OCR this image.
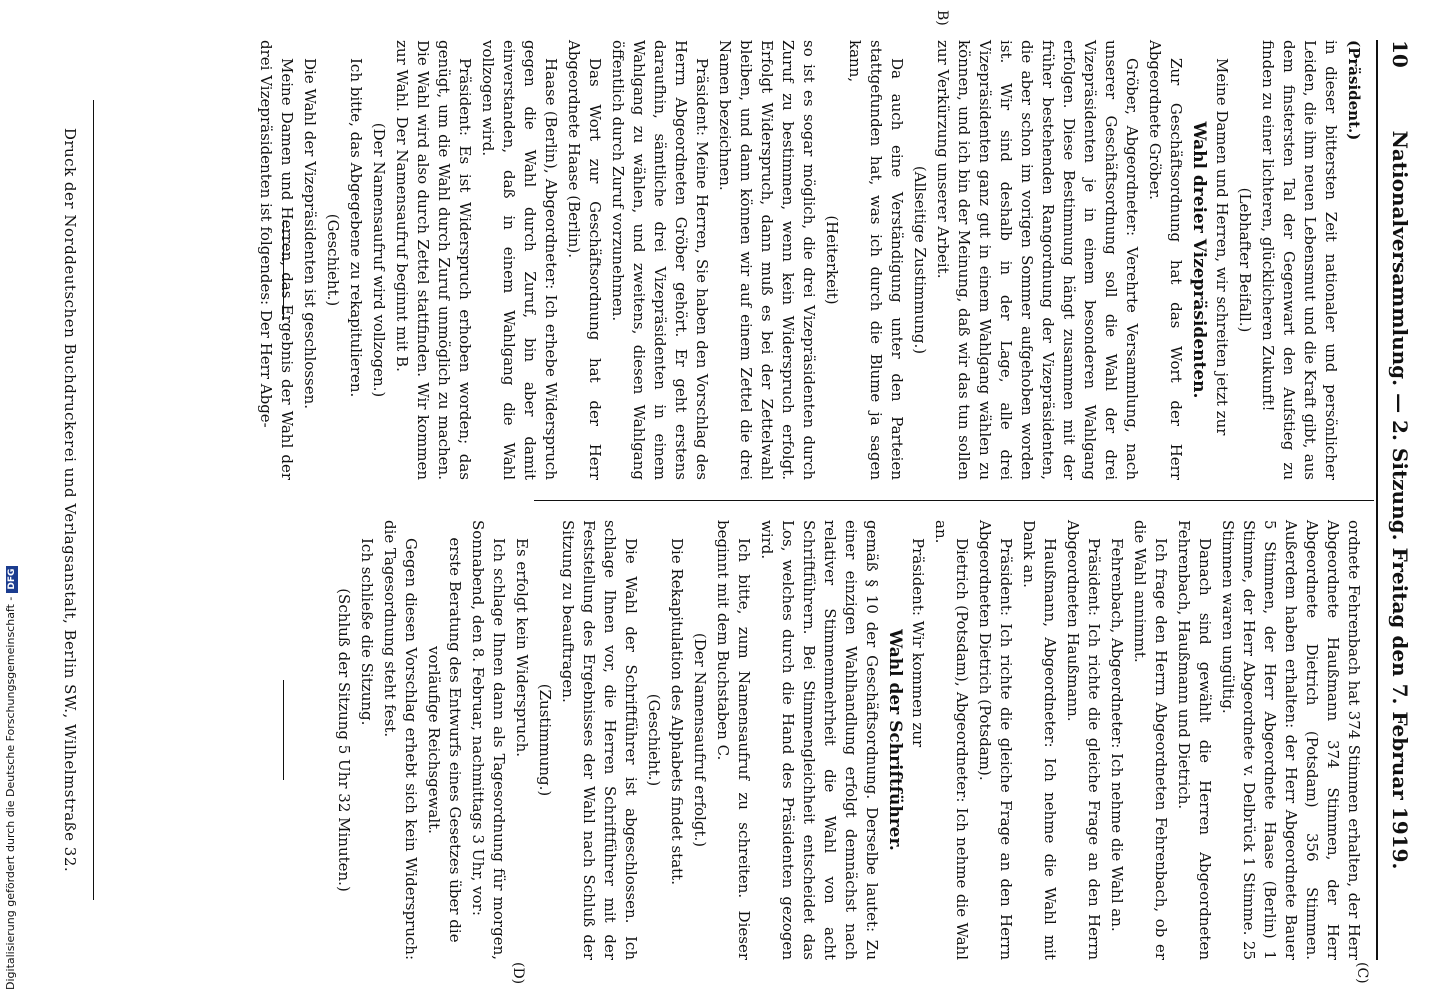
10
Nationalversammlung. — 2. Sitzung. Freitag den 7. Februar 1919.
(C)
B)
(D)

(Präsident.)

in dieser bittersten Zeit nationaler und persönlicher Leiden, die ihm neuen Lebensmut und die Kraft gibt, aus dem finstersten Tal der Gegenwart den Aufstieg zu finden zu einer lichteren, glücklicheren Zukunft!

(Lebhafter Beifall.)

Meine Damen und Herren, wir schreiten jetzt zur

Wahl dreier Vizepräsidenten.

Zur Geschäftsordnung hat das Wort der Herr Abgeordnete Gröber.

Gröber, Abgeordneter: Verehrte Versammlung, nach unserer Geschäftsordnung soll die Wahl der drei Vizepräsidenten je in einem besonderen Wahlgang erfolgen. Diese Bestimmung hängt zusammen mit der früher bestehenden Rangordnung der Vizepräsidenten, die aber schon im vorigen Sommer aufgehoben worden ist. Wir sind deshalb in der Lage, alle drei Vizepräsidenten ganz gut in einem Wahlgang wählen zu können, und ich bin der Meinung, daß wir das tun sollen zur Verkürzung unserer Arbeit.

(Allseitige Zustimmung.)

Da auch eine Verständigung unter den Parteien stattgefunden hat, was ich durch die Blume ja sagen kann,

(Heiterkeit)

so ist es sogar möglich, die drei Vizepräsidenten durch Zuruf zu bestimmen, wenn kein Widerspruch erfolgt. Erfolgt Widerspruch, dann muß es bei der Zettelwahl bleiben, und dann können wir auf einem Zettel die drei Namen bezeichnen.

Präsident: Meine Herren, Sie haben den Vorschlag des Herrn Abgeordneten Gröber gehört. Er geht erstens daraufhin, sämtliche drei Vizepräsidenten in einem Wahlgang zu wählen, und zweitens, diesen Wahlgang öffentlich durch Zuruf vorzunehmen.

Das Wort zur Geschäftsordnung hat der Herr Abgeordnete Haase (Berlin).

Haase (Berlin), Abgeordneter: Ich erhebe Widerspruch gegen die Wahl durch Zuruf, bin aber damit einverstanden, daß in einem Wahlgang die Wahl vollzogen wird.

Präsident: Es ist Widerspruch erhoben worden; das genügt, um die Wahl durch Zuruf unmöglich zu machen. Die Wahl wird also durch Zettel stattfinden. Wir kommen zur Wahl. Der Namensaufruf beginnt mit B.

(Der Namensaufruf wird vollzogen.)

Ich bitte, das Abgegebene zu rekapitulieren.

(Geschieht.)

Die Wahl der Vizepräsidenten ist geschlossen.

Meine Damen und Herren, das Ergebnis der Wahl der drei Vizepräsidenten ist folgendes: Der Herr Abge-

ordnete Fehrenbach hat 374 Stimmen erhalten, der Herr Abgeordnete Haußmann 374 Stimmen, der Herr Abgeordnete Dietrich (Potsdam) 356 Stimmen. Außerdem haben erhalten: der Herr Abgeordnete Bauer 5 Stimmen, der Herr Abgeordnete Haase (Berlin) 1 Stimme, der Herr Abgeordnete v. Delbrück 1 Stimme. 25 Stimmen waren ungültig.

Danach sind gewählt die Herren Abgeordneten Fehrenbach, Haußmann und Dietrich.

Ich frage den Herrn Abgeordneten Fehrenbach, ob er die Wahl annimmt.

Fehrenbach, Abgeordneter: Ich nehme die Wahl an.

Präsident: Ich richte die gleiche Frage an den Herrn Abgeordneten Haußmann.

Haußmann, Abgeordneter: Ich nehme die Wahl mit Dank an.

Präsident: Ich richte die gleiche Frage an den Herrn Abgeordneten Dietrich (Potsdam).

Dietrich (Potsdam), Abgeordneter: Ich nehme die Wahl an.

Präsident: Wir kommen zur

Wahl der Schriftführer.

gemäß § 10 der Geschäftsordnung. Derselbe lautet: Zu einer einzigen Wahlhandlung erfolgt demnächst nach relativer Stimmenmehrheit die Wahl von acht Schriftführern. Bei Stimmengleichheit entscheidet das Los, welches durch die Hand des Präsidenten gezogen wird.

Ich bitte, zum Namensaufruf zu schreiten. Dieser beginnt mit dem Buchstaben C.

(Der Namensaufruf erfolgt.)

Die Rekapitulation des Alphabets findet statt.

(Geschieht.)

Die Wahl der Schriftführer ist abgeschlossen. Ich schlage Ihnen vor, die Herren Schriftführer mit der Feststellung des Ergebnisses der Wahl nach Schluß der Sitzung zu beauftragen.

(Zustimmung.)

Es erfolgt kein Widerspruch.

Ich schlage Ihnen dann als Tagesordnung für morgen, Sonnabend, den 8. Februar, nachmittags 3 Uhr, vor:

erste Beratung des Entwurfs eines Gesetzes über die vorläufige Reichsgewalt.

Gegen diesen Vorschlag erhebt sich kein Widerspruch: die Tagesordnung steht fest.

Ich schließe die Sitzung.

(Schluß der Sitzung 5 Uhr 32 Minuten.)

Druck der Norddeutschen Buchdruckerei und Verlagsanstalt, Berlin SW., Wilhelmstraße 32.
Digitalisierung gefördert durch die Deutsche Forschungsgemeinschaft -DFG
